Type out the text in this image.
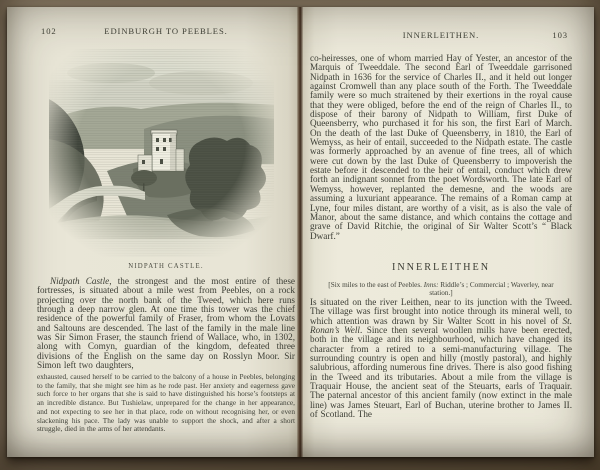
102	EDINBURGH TO PEEBLES.
NIDPATH CASTLE.

Nidpath Castle, the strongest and the most entire of these fortresses, is situated about a mile west from Peebles, on a rock projecting over the north bank of the Tweed, which here runs through a deep narrow glen. At one time this tower was the chief residence of the powerful family of Fraser, from whom the Lovats and Saltouns are descended. The last of the family in the male line was Sir Simon Fraser, the staunch friend of Wallace, who, in 1302, along with Comyn, guardian of the kingdom, defeated three divisions of the English on the same day on Rosslyn Moor. Sir Simon left two daughters,

exhausted, caused herself to be carried to the balcony of a house in Peebles, belonging to the family, that she might see him as he rode past. Her anxiety and eagerness gave such force to her organs that she is said to have distinguished his horse’s footsteps at an incredible distance. But Tushielaw, unprepared for the change in her appearance, and not expecting to see her in that place, rode on without recognising her, or even slackening his pace. The lady was unable to support the shock, and after a short struggle, died in the arms of her attendants.

INNERLEITHEN.	103

co-heiresses, one of whom married Hay of Yester, an ancestor of the Marquis of Tweeddale. The second Earl of Tweeddale garrisoned Nidpath in 1636 for the service of Charles II., and it held out longer against Cromwell than any place south of the Forth. The Tweeddale family were so much straitened by their exertions in the royal cause that they were obliged, before the end of the reign of Charles II., to dispose of their barony of Nidpath to William, first Duke of Queensberry, who purchased it for his son, the first Earl of March. On the death of the last Duke of Queensberry, in 1810, the Earl of Wemyss, as heir of entail, succeeded to the Nidpath estate. The castle was formerly approached by an avenue of fine trees, all of which were cut down by the last Duke of Queensberry to impoverish the estate before it descended to the heir of entail, conduct which drew forth an indignant sonnet from the poet Wordsworth. The late Earl of Wemyss, however, replanted the demesne, and the woods are assuming a luxuriant appearance. The remains of a Roman camp at Lyne, four miles distant, are worthy of a visit, as is also the vale of Manor, about the same distance, and which contains the cottage and grave of David Ritchie, the original of Sir Walter Scott’s “ Black Dwarf.”

INNERLEITHEN

[Six miles to the east of Peebles. Inns: Riddle’s ; Commercial ; Waverley, near station.]

Is situated on the river Leithen, near to its junction with the Tweed. The village was first brought into notice through its mineral well, to which attention was drawn by Sir Walter Scott in his novel of St. Ronan’s Well. Since then several woollen mills have been erected, both in the village and its neighbourhood, which have changed its character from a retired to a semi-manufacturing village. The surrounding country is open and hilly (mostly pastoral), and highly salubrious, affording numerous fine drives. There is also good fishing in the Tweed and its tributaries. About a mile from the village is Traquair House, the ancient seat of the Steuarts, earls of Traquair. The paternal ancestor of this ancient family (now extinct in the male line) was James Steuart, Earl of Buchan, uterine brother to James II. of Scotland. The
